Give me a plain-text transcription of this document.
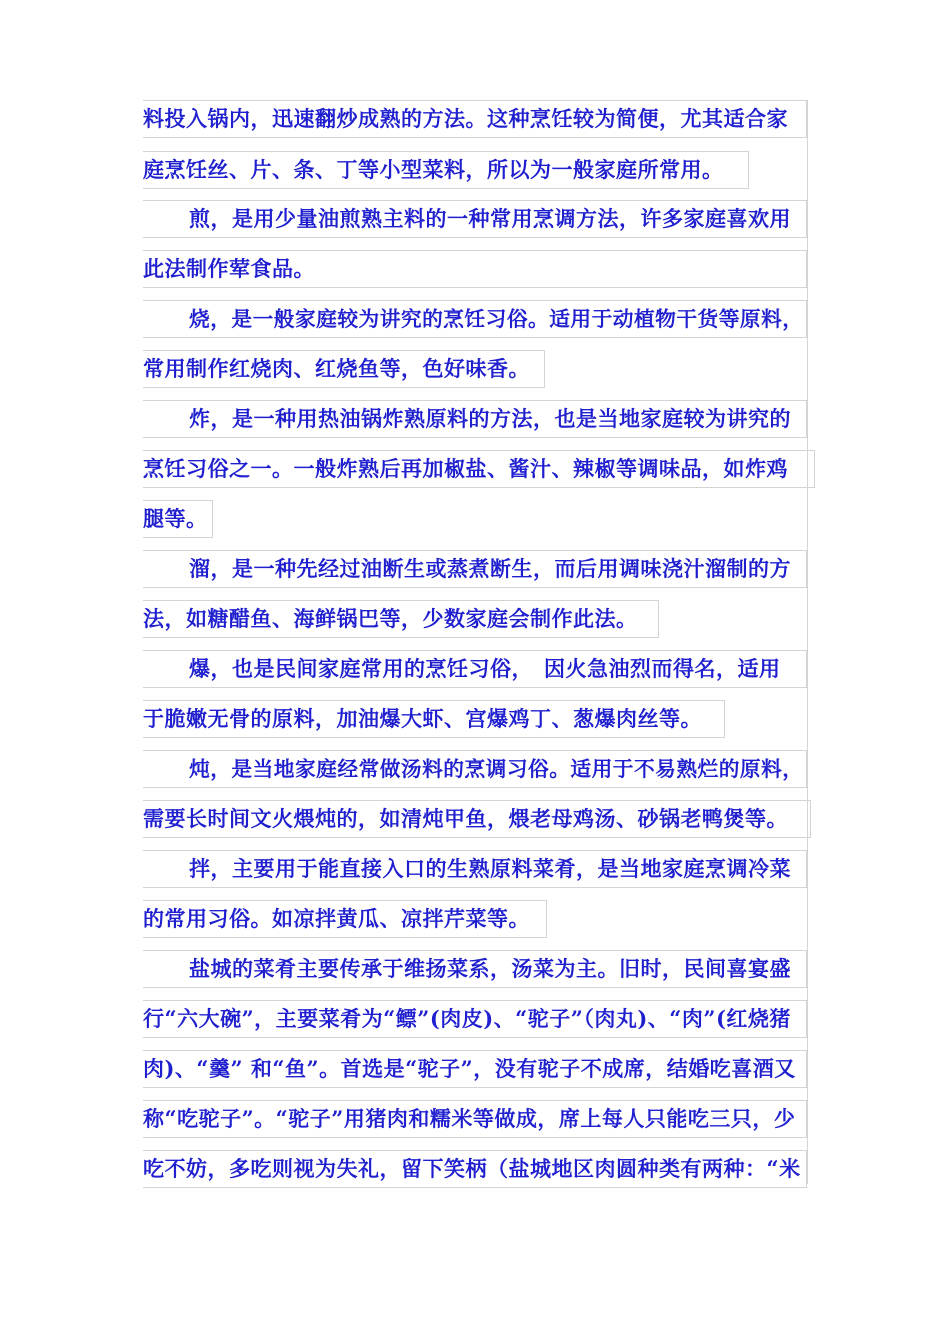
料投入锅内，迅速翻炒成熟的方法。这种烹饪较为简便，尤其适合家
庭烹饪丝、片、条、丁等小型菜料，所以为一般家庭所常用。
煎，是用少量油煎熟主料的一种常用烹调方法，许多家庭喜欢用
此法制作荤食品。
烧，是一般家庭较为讲究的烹饪习俗。适用于动植物干货等原料，
常用制作红烧肉、红烧鱼等，色好味香。
炸，是一种用热油锅炸熟原料的方法，也是当地家庭较为讲究的
烹饪习俗之一。一般炸熟后再加椒盐、酱汁、辣椒等调味品，如炸鸡
腿等。
溜，是一种先经过油断生或蒸煮断生，而后用调味浇汁溜制的方
法，如糖醋鱼、海鲜锅巴等，少数家庭会制作此法。
爆，也是民间家庭常用的烹饪习俗，　因火急油烈而得名，适用
于脆嫩无骨的原料，加油爆大虾、宫爆鸡丁、葱爆肉丝等。
炖，是当地家庭经常做汤料的烹调习俗。适用于不易熟烂的原料，
需要长时间文火煨炖的，如清炖甲鱼，煨老母鸡汤、砂锅老鸭煲等。
拌，主要用于能直接入口的生熟原料菜肴，是当地家庭烹调冷菜
的常用习俗。如凉拌黄瓜、凉拌芹菜等。
盐城的菜肴主要传承于维扬菜系，汤菜为主。旧时，民间喜宴盛
行“六大碗”，主要菜肴为“鳔”(肉皮)、“驼子”（肉丸)、“肉”(红烧猪
肉)、“羹” 和“鱼”。首选是“驼子”，没有驼子不成席，结婚吃喜酒又
称“吃驼子”。“驼子”用猪肉和糯米等做成，席上每人只能吃三只，少
吃不妨，多吃则视为失礼，留下笑柄（盐城地区肉圆种类有两种：“米
